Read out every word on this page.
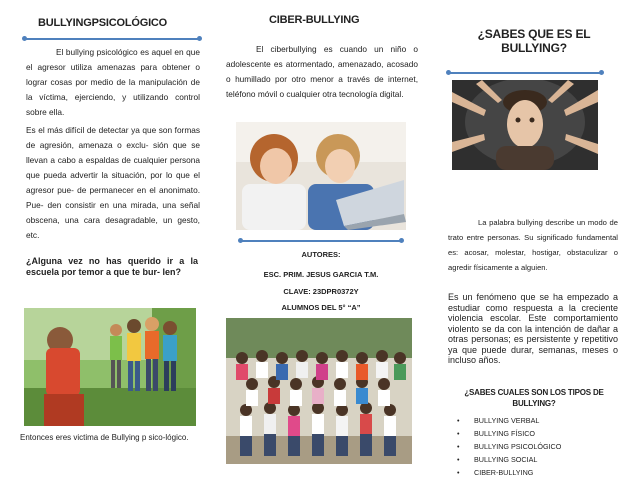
BULLYINGPSICOLÓGICO

El bullying psicológico es aquel en que el agresor utiliza amenazas para obtener o lograr cosas por medio de la manipulación de la víctima, ejerciendo, y utilizando control sobre ella.

Es el más difícil de detectar ya que son formas de agresión, amenaza o exclu- sión que se llevan a cabo a espaldas de cualquier persona que pueda advertir la situación, por lo que el agresor pue- de permanecer en el anonimato. Pue- den consistir en una mirada, una señal obscena, una cara desagradable, un gesto, etc.

¿Alguna vez no has querido ir a la escuela por temor a que te bur- len?

Entonces eres victima de Bullying p sico-lógico.

CIBER-BULLYING

El ciberbullying es cuando un niño o adolescente es atormentado, amenazado, acosado o humillado por otro menor a través de internet, teléfono móvil o cualquier otra tecnología digital.

AUTORES:
ESC. PRIM. JESUS GARCIA T.M.
CLAVE: 23DPR0372Y
ALUMNOS DEL 5° “A”
¿SABES QUE ES EL BULLYING?

La palabra bullying describe un modo de trato entre personas. Su significado fundamental es: acosar, molestar, hostigar, obstaculizar o agredir físicamente a alguien.

Es un fenómeno que se ha empezado a estudiar como respuesta a la creciente violencia escolar. Este comportamiento violento se da con la intención de dañar a otras personas; es persistente y repetitivo ya que puede durar, semanas, meses o incluso años.

¿SABES CUALES SON LOS TIPOS DE BULLYING?
• BULLYING VERBAL
• BULLYING FÍSICO
• BULLYING PSICOLÓGICO
• BULLYING SOCIAL
• CIBER-BULLYING
